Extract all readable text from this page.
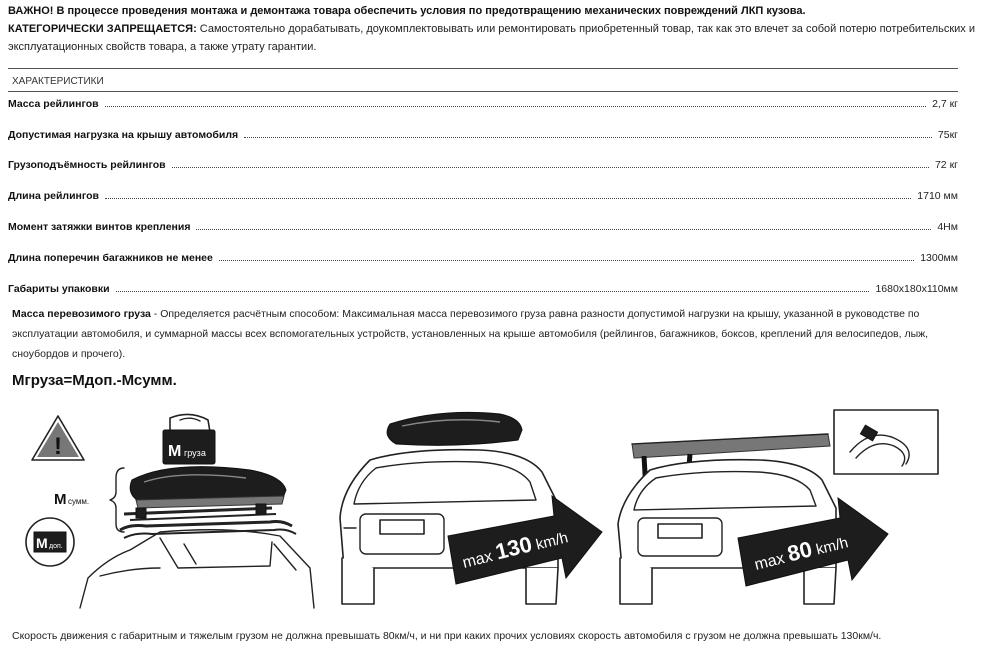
ВАЖНО! В процессе проведения монтажа и демонтажа товара обеспечить условия по предотвращению механических повреждений ЛКП кузова.
КАТЕГОРИЧЕСКИ ЗАПРЕЩАЕТСЯ: Самостоятельно дорабатывать, доукомплектовывать или ремонтировать приобретенный товар, так как это влечет за собой потерю потребительских и эксплуатационных свойств товара, а также утрату гарантии.
ХАРАКТЕРИСТИКИ
Масса рейлингов	2,7 кг
Допустимая нагрузка на крышу автомобиля	75кг
Грузоподъёмность рейлингов	72 кг
Длина рейлингов	1710 мм
Момент затяжки винтов крепления	4Нм
Длина поперечин багажников не менее	1300мм
Габариты упаковки	1680х180х110мм
Масса перевозимого груза - Определяется расчётным способом: Максимальная масса перевозимого груза равна разности допустимой нагрузки на крышу, указанной в руководстве по эксплуатации автомобиля, и суммарной массы всех вспомогательных устройств, установленных на крыше автомобиля (рейлингов, багажников, боксов, креплений для велосипедов, лыж, сноубордов и прочего).
Мгруза=Мдоп.-Мсумм.
!	М груза
М сумм.
М доп.
max 130 km/h
max 80 km/h
Скорость движения с габаритным и тяжелым грузом не должна превышать 80км/ч, и ни при каких прочих условиях скорость автомобиля с грузом не должна превышать 130км/ч.
